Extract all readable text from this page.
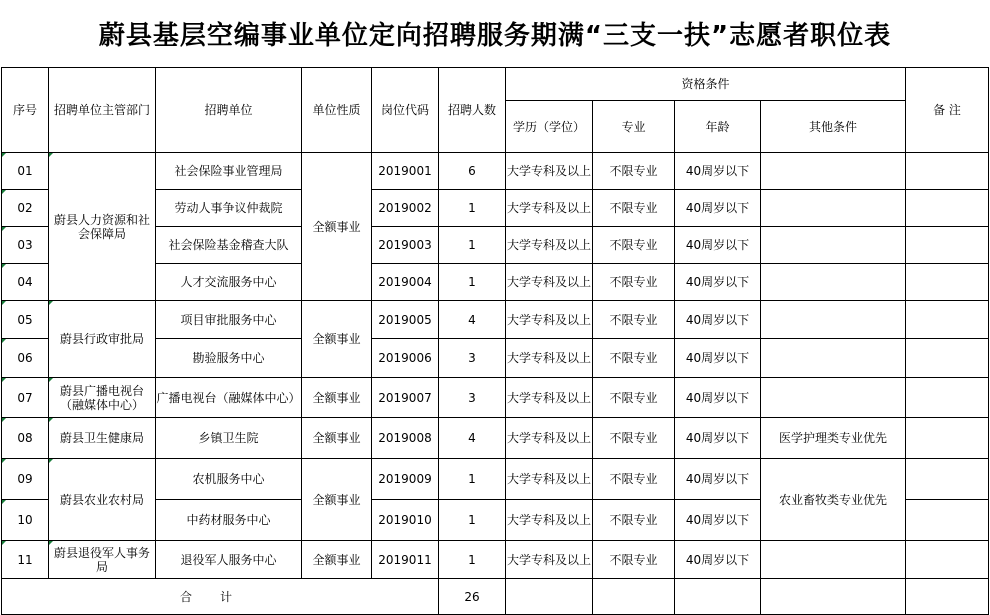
蔚县基层空编事业单位定向招聘服务期满“三支一扶”志愿者职位表
序号	招聘单位主管部门	招聘单位	单位性质	岗位代码	招聘人数	资格条件				备 注
						学历（学位）	专业	年龄	其他条件	
01	蔚县人力资源和社会保障局	社会保险事业管理局	全额事业	2019001	6	大学专科及以上	不限专业	40周岁以下		
02		劳动人事争议仲裁院		2019002	1	大学专科及以上	不限专业	40周岁以下		
03		社会保险基金稽查大队		2019003	1	大学专科及以上	不限专业	40周岁以下		
04		人才交流服务中心		2019004	1	大学专科及以上	不限专业	40周岁以下		
05	蔚县行政审批局	项目审批服务中心	全额事业	2019005	4	大学专科及以上	不限专业	40周岁以下		
06		勘验服务中心		2019006	3	大学专科及以上	不限专业	40周岁以下		
07	蔚县广播电视台（融媒体中心）	广播电视台（融媒体中心）	全额事业	2019007	3	大学专科及以上	不限专业	40周岁以下		
08	蔚县卫生健康局	乡镇卫生院	全额事业	2019008	4	大学专科及以上	不限专业	40周岁以下	医学护理类专业优先	
09	蔚县农业农村局	农机服务中心	全额事业	2019009	1	大学专科及以上	不限专业	40周岁以下	农业畜牧类专业优先	
10		中药材服务中心		2019010	1	大学专科及以上	不限专业	40周岁以下		
11	蔚县退役军人事务局	退役军人服务中心	全额事业	2019011	1	大学专科及以上	不限专业	40周岁以下		
合计					26					
